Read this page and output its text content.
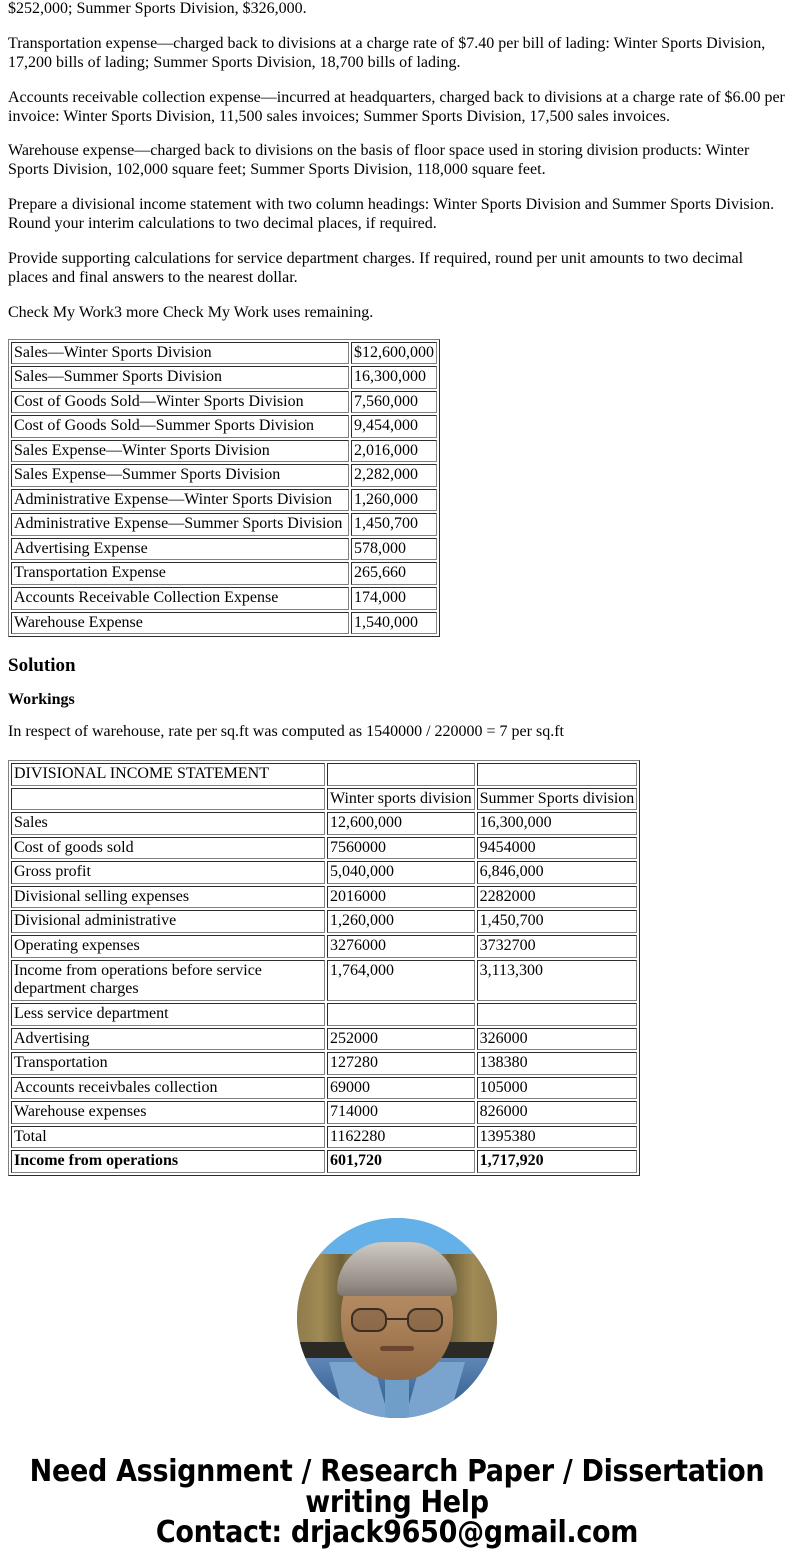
$252,000; Summer Sports Division, $326,000.

Transportation expense—charged back to divisions at a charge rate of $7.40 per bill of lading: Winter Sports Division, 17,200 bills of lading; Summer Sports Division, 18,700 bills of lading.

Accounts receivable collection expense—incurred at headquarters, charged back to divisions at a charge rate of $6.00 per invoice: Winter Sports Division, 11,500 sales invoices; Summer Sports Division, 17,500 sales invoices.

Warehouse expense—charged back to divisions on the basis of floor space used in storing division products: Winter Sports Division, 102,000 square feet; Summer Sports Division, 118,000 square feet.

Prepare a divisional income statement with two column headings: Winter Sports Division and Summer Sports Division. Round your interim calculations to two decimal places, if required.

Provide supporting calculations for service department charges. If required, round per unit amounts to two decimal places and final answers to the nearest dollar.

Check My Work3 more Check My Work uses remaining.

Sales—Winter Sports Division	$12,600,000
Sales—Summer Sports Division	16,300,000
Cost of Goods Sold—Winter Sports Division	7,560,000
Cost of Goods Sold—Summer Sports Division	9,454,000
Sales Expense—Winter Sports Division	2,016,000
Sales Expense—Summer Sports Division	2,282,000
Administrative Expense—Winter Sports Division	1,260,000
Administrative Expense—Summer Sports Division	1,450,700
Advertising Expense	578,000
Transportation Expense	265,660
Accounts Receivable Collection Expense	174,000
Warehouse Expense	1,540,000
Solution
Workings

In respect of warehouse, rate per sq.ft was computed as 1540000 / 220000 = 7 per sq.ft

DIVISIONAL INCOME STATEMENT		
	Winter sports division	Summer Sports division
Sales	12,600,000	16,300,000
Cost of goods sold	7560000	9454000
Gross profit	5,040,000	6,846,000
Divisional selling expenses	2016000	2282000
Divisional administrative	1,260,000	1,450,700
Operating expenses	3276000	3732700
Income from operations before service department charges	1,764,000	3,113,300
Less service department		
Advertising	252000	326000
Transportation	127280	138380
Accounts receivbales collection	69000	105000
Warehouse expenses	714000	826000
Total	1162280	1395380
Income from operations	601,720	1,717,920
Need Assignment / Research Paper / Dissertation
writing Help
Contact: drjack9650@gmail.com
